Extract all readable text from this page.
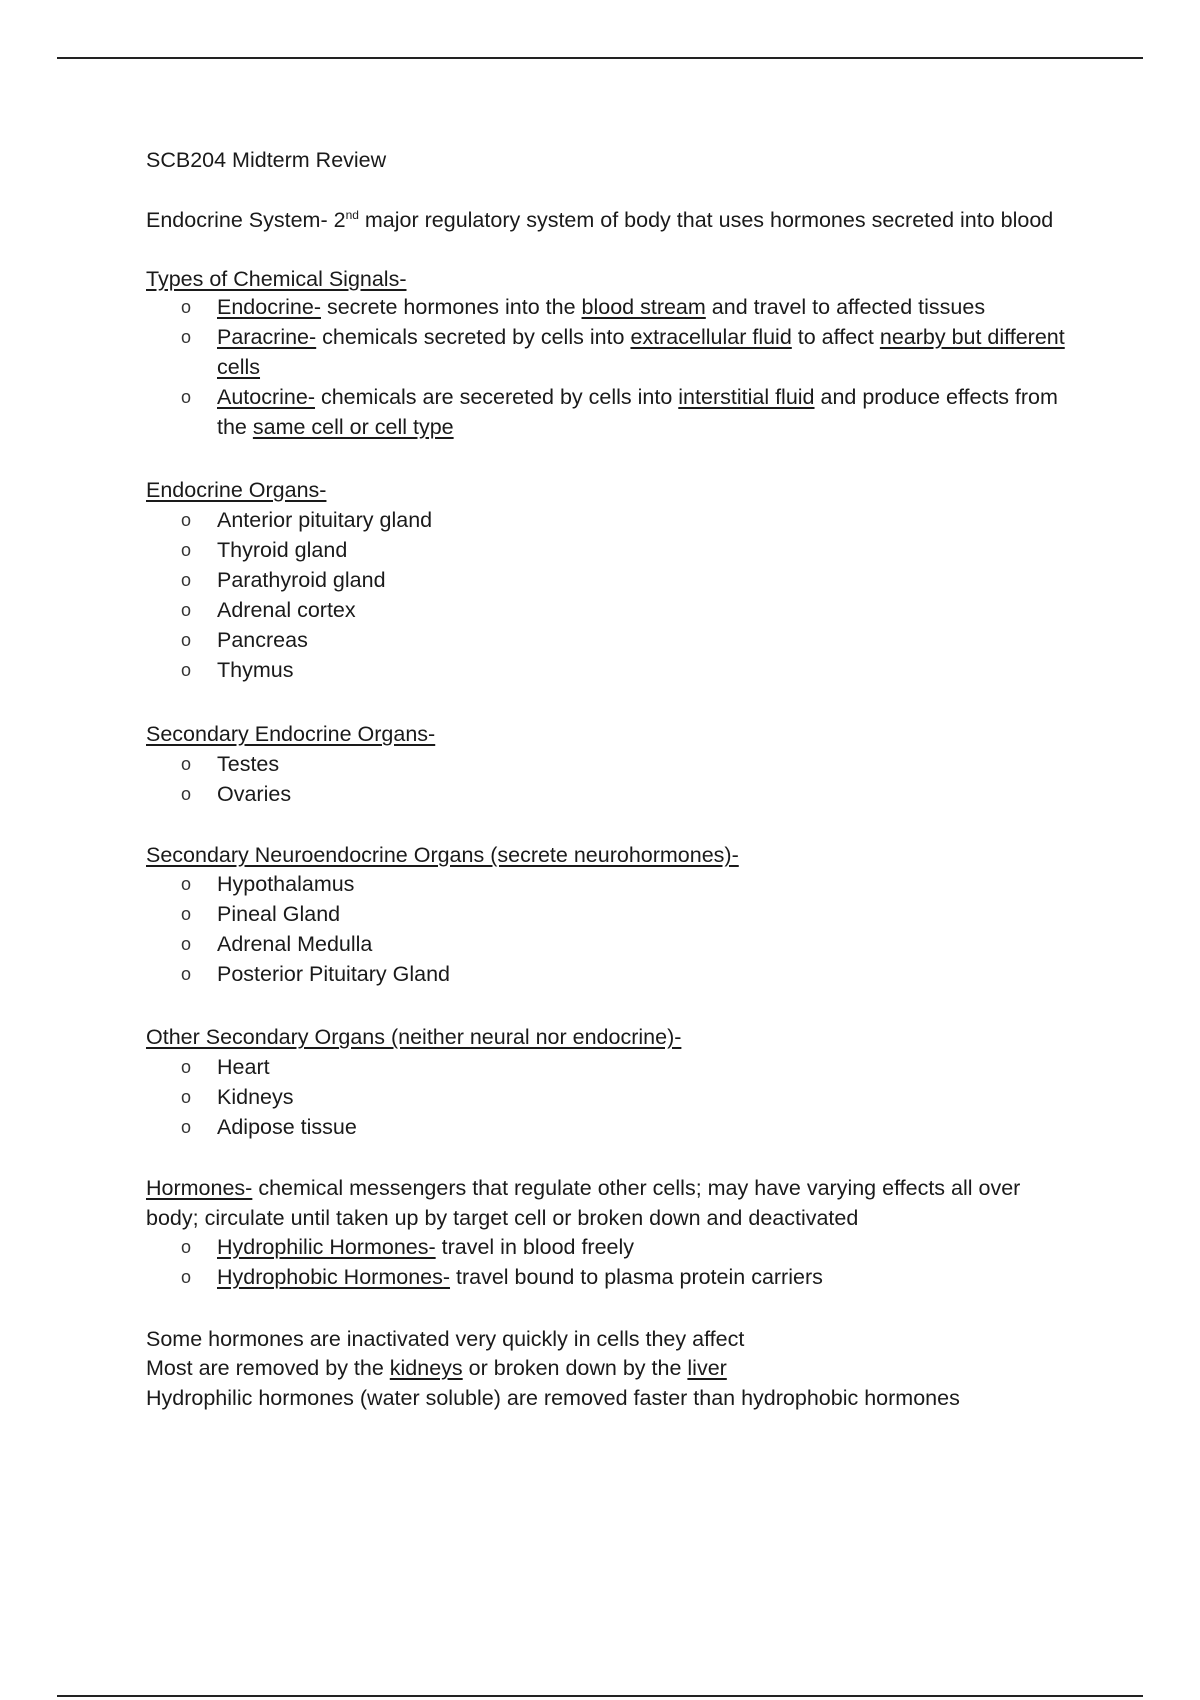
SCB204 Midterm Review
Endocrine System- 2nd major regulatory system of body that uses hormones secreted into blood
Types of Chemical Signals-
o Endocrine- secrete hormones into the blood stream and travel to affected tissues
o Paracrine- chemicals secreted by cells into extracellular fluid to affect nearby but different cells
o Autocrine- chemicals are secereted by cells into interstitial fluid and produce effects from the same cell or cell type
Endocrine Organs-
o Anterior pituitary gland
o Thyroid gland
o Parathyroid gland
o Adrenal cortex
o Pancreas
o Thymus
Secondary Endocrine Organs-
o Testes
o Ovaries
Secondary Neuroendocrine Organs (secrete neurohormones)-
o Hypothalamus
o Pineal Gland
o Adrenal Medulla
o Posterior Pituitary Gland
Other Secondary Organs (neither neural nor endocrine)-
o Heart
o Kidneys
o Adipose tissue
Hormones- chemical messengers that regulate other cells; may have varying effects all over
body; circulate until taken up by target cell or broken down and deactivated
o Hydrophilic Hormones- travel in blood freely
o Hydrophobic Hormones- travel bound to plasma protein carriers
Some hormones are inactivated very quickly in cells they affect
Most are removed by the kidneys or broken down by the liver
Hydrophilic hormones (water soluble) are removed faster than hydrophobic hormones
